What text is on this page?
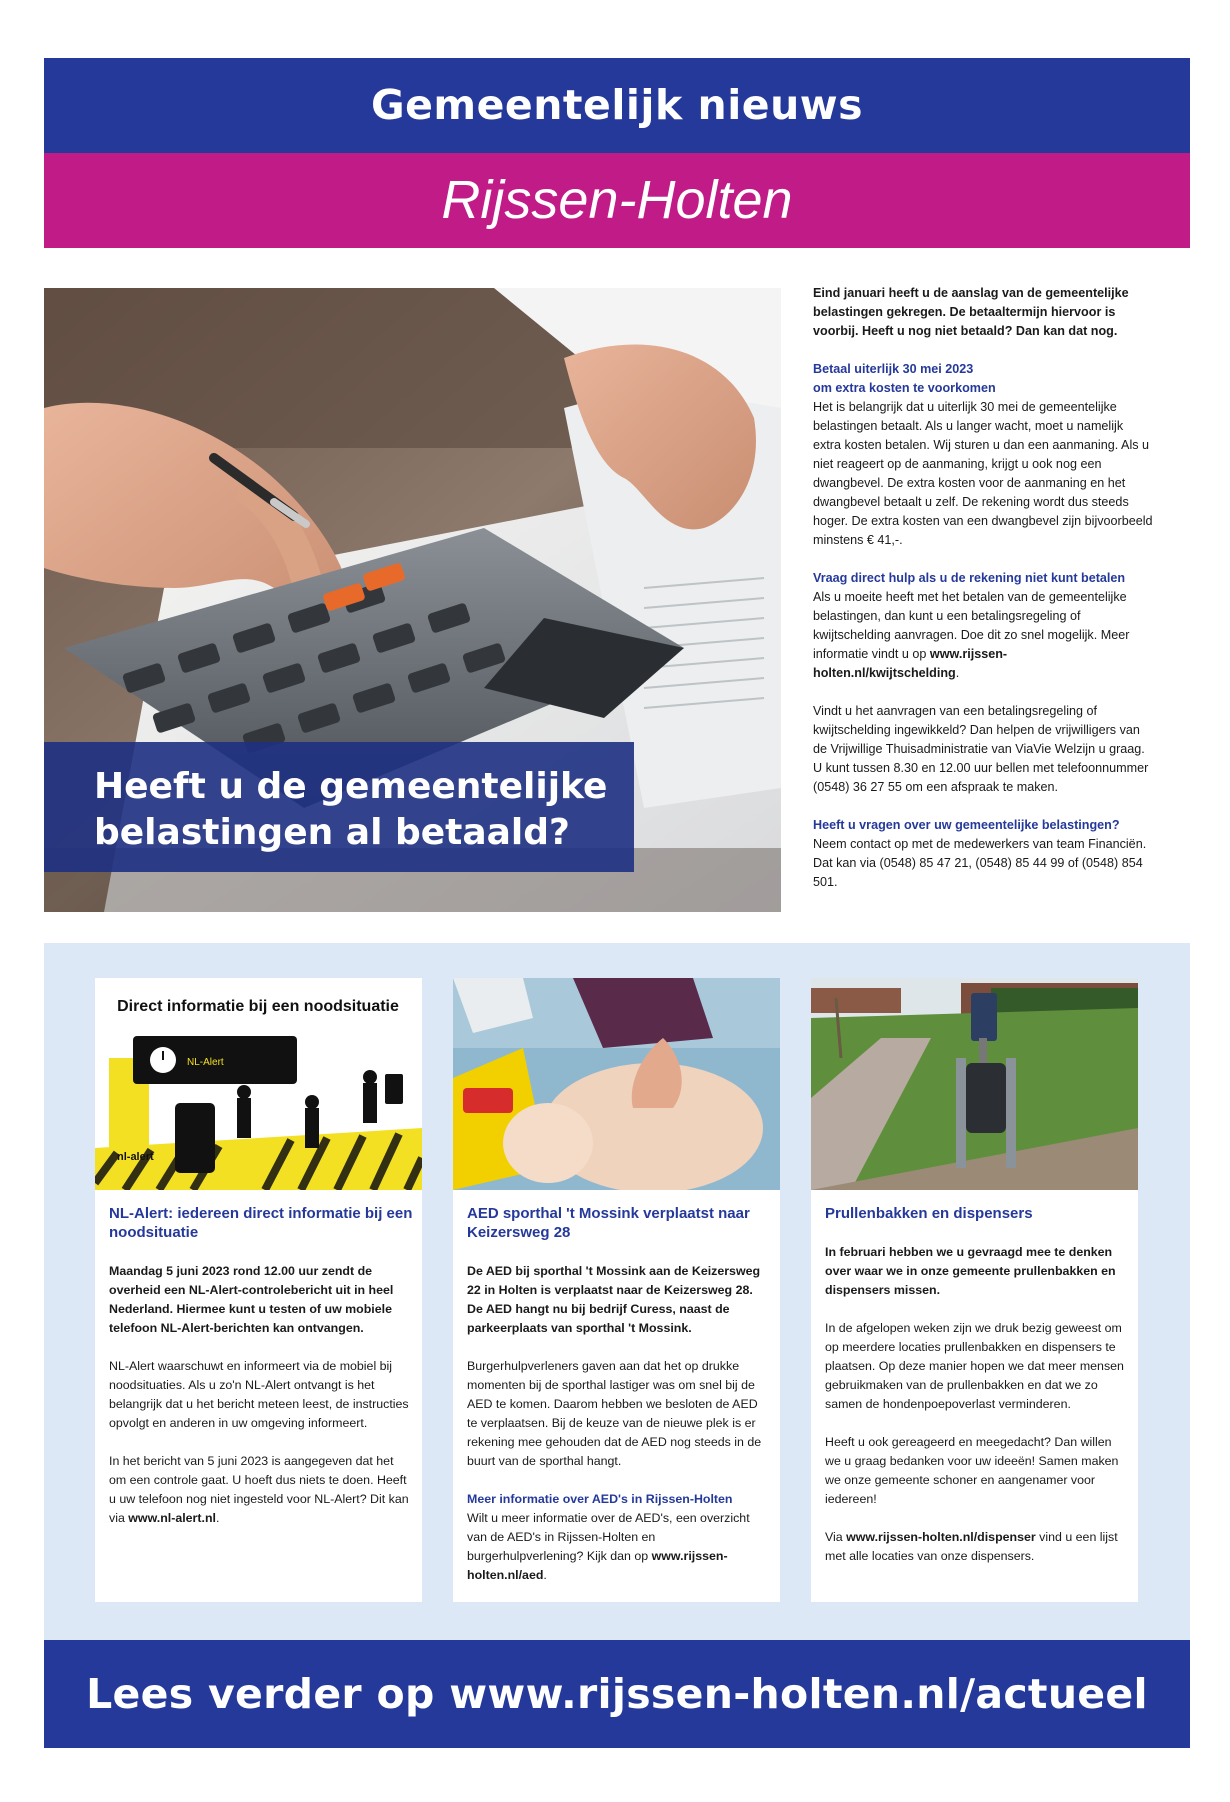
Gemeentelijk nieuws
Rijssen-Holten

Heeft u de gemeentelijke
belastingen al betaald?

Eind januari heeft u de aanslag van de gemeentelijke belastingen gekregen. De betaaltermijn hiervoor is voorbij. Heeft u nog niet betaald? Dan kan dat nog.

Betaal uiterlijk 30 mei 2023
om extra kosten te voorkomen

Het is belangrijk dat u uiterlijk 30 mei de gemeentelijke belastingen betaalt. Als u langer wacht, moet u namelijk extra kosten betalen. Wij sturen u dan een aanmaning. Als u niet reageert op de aanmaning, krijgt u ook nog een dwangbevel. De extra kosten voor de aanmaning en het dwangbevel betaalt u zelf. De rekening wordt dus steeds hoger. De extra kosten van een dwangbevel zijn bijvoorbeeld minstens € 41,-.

Vraag direct hulp als u de rekening niet kunt betalen

Als u moeite heeft met het betalen van de gemeentelijke belastingen, dan kunt u een betalingsregeling of kwijtschelding aanvragen. Doe dit zo snel mogelijk. Meer informatie vindt u op www.rijssen-holten.nl/kwijtschelding.

Vindt u het aanvragen van een betalingsregeling of kwijtschelding ingewikkeld? Dan helpen de vrijwilligers van de Vrijwillige Thuisadministratie van ViaVie Welzijn u graag. U kunt tussen 8.30 en 12.00 uur bellen met telefoonnummer (0548) 36 27 55 om een afspraak te maken.

Heeft u vragen over uw gemeentelijke belastingen?

Neem contact op met de medewerkers van team Financiën. Dat kan via (0548) 85 47 21, (0548) 85 44 99 of (0548) 854 501.

Direct informatie bij een noodsituatie
nl-alert
NL-Alert
NL-Alert: iedereen direct informatie bij een noodsituatie

Maandag 5 juni 2023 rond 12.00 uur zendt de overheid een NL-Alert-controlebericht uit in heel Nederland. Hiermee kunt u testen of uw mobiele telefoon NL-Alert-berichten kan ontvangen.

NL-Alert waarschuwt en informeert via de mobiel bij noodsituaties. Als u zo'n NL-Alert ontvangt is het belangrijk dat u het bericht meteen leest, de instructies opvolgt en anderen in uw omgeving informeert.

In het bericht van 5 juni 2023 is aangegeven dat het om een controle gaat. U hoeft dus niets te doen. Heeft u uw telefoon nog niet ingesteld voor NL-Alert? Dit kan via www.nl-alert.nl.

AED sporthal 't Mossink verplaatst naar Keizersweg 28

De AED bij sporthal 't Mossink aan de Keizersweg 22 in Holten is verplaatst naar de Keizersweg 28. De AED hangt nu bij bedrijf Curess, naast de parkeerplaats van sporthal 't Mossink.

Burgerhulpverleners gaven aan dat het op drukke momenten bij de sporthal lastiger was om snel bij de AED te komen. Daarom hebben we besloten de AED te verplaatsen. Bij de keuze van de nieuwe plek is er rekening mee gehouden dat de AED nog steeds in de buurt van de sporthal hangt.

Meer informatie over AED's in Rijssen-Holten

Wilt u meer informatie over de AED's, een overzicht van de AED's in Rijssen-Holten en burgerhulpverlening? Kijk dan op www.rijssen-holten.nl/aed.

Prullenbakken en dispensers

In februari hebben we u gevraagd mee te denken over waar we in onze gemeente prullenbakken en dispensers missen.

In de afgelopen weken zijn we druk bezig geweest om op meerdere locaties prullenbakken en dispensers te plaatsen. Op deze manier hopen we dat meer mensen gebruikmaken van de prullenbakken en dat we zo samen de hondenpoepoverlast verminderen.

Heeft u ook gereageerd en meegedacht? Dan willen we u graag bedanken voor uw ideeën! Samen maken we onze gemeente schoner en aangenamer voor iedereen!

Via www.rijssen-holten.nl/dispenser vind u een lijst met alle locaties van onze dispensers.

Lees verder op www.rijssen-holten.nl/actueel
